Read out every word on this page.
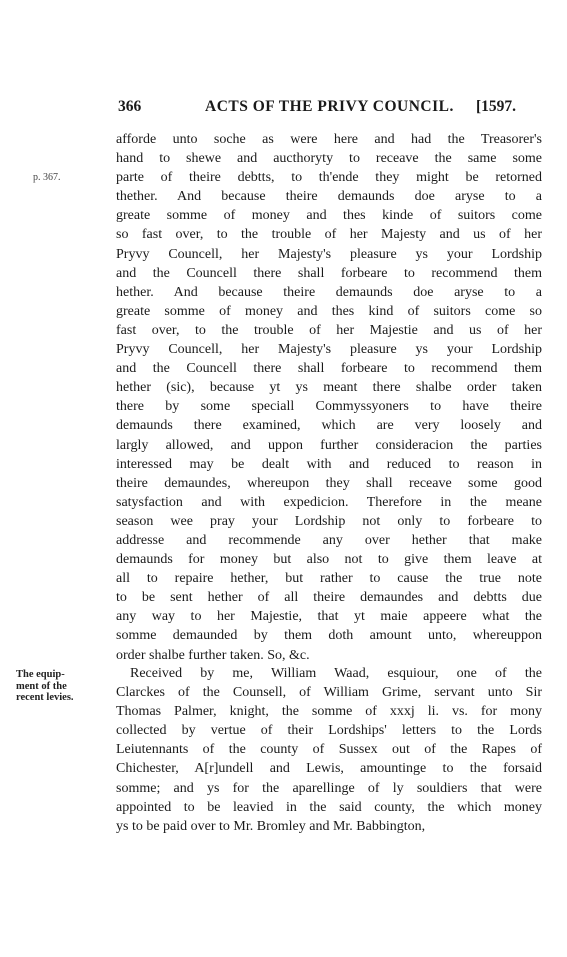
366	ACTS OF THE PRIVY COUNCIL. [1597.
p. 367.
The equip-
ment of the
recent levies.
afforde unto soche as were here and had the Treasorer's
hand to shewe and aucthoryty to receave the same some
parte of theire debtts, to th'ende they might be retorned
thether. And because theire demaunds doe aryse to a
greate somme of money and thes kinde of suitors come
so fast over, to the trouble of her Majesty and us of her
Pryvy Councell, her Majesty's pleasure ys your Lordship
and the Councell there shall forbeare to recommend them
hether. And because theire demaunds doe aryse to a
greate somme of money and thes kind of suitors come so
fast over, to the trouble of her Majestie and us of her
Pryvy Councell, her Majesty's pleasure ys your Lordship
and the Councell there shall forbeare to recommend them
hether (sic), because yt ys meant there shalbe order taken
there by some speciall Commyssyoners to have theire
demaunds there examined, which are very loosely and
largly allowed, and uppon further consideracion the parties
interessed may be dealt with and reduced to reason in
theire demaundes, whereupon they shall receave some good
satysfaction and with expedicion. Therefore in the meane
season wee pray your Lordship not only to forbeare to
addresse and recommende any over hether that make
demaunds for money but also not to give them leave at
all to repaire hether, but rather to cause the true note
to be sent hether of all theire demaundes and debtts due
any way to her Majestie, that yt maie appeere what the
somme demaunded by them doth amount unto, whereuppon
order shalbe further taken. So, &c.
Received by me, William Waad, esquiour, one of the
Clarckes of the Counsell, of William Grime, servant unto Sir
Thomas Palmer, knight, the somme of xxxj li. vs. for mony
collected by vertue of their Lordships' letters to the Lords
Leiutennants of the county of Sussex out of the Rapes of
Chichester, A[r]undell and Lewis, amountinge to the forsaid
somme; and ys for the aparellinge of ly souldiers that were
appointed to be leavied in the said county, the which money
ys to be paid over to Mr. Bromley and Mr. Babbington,
